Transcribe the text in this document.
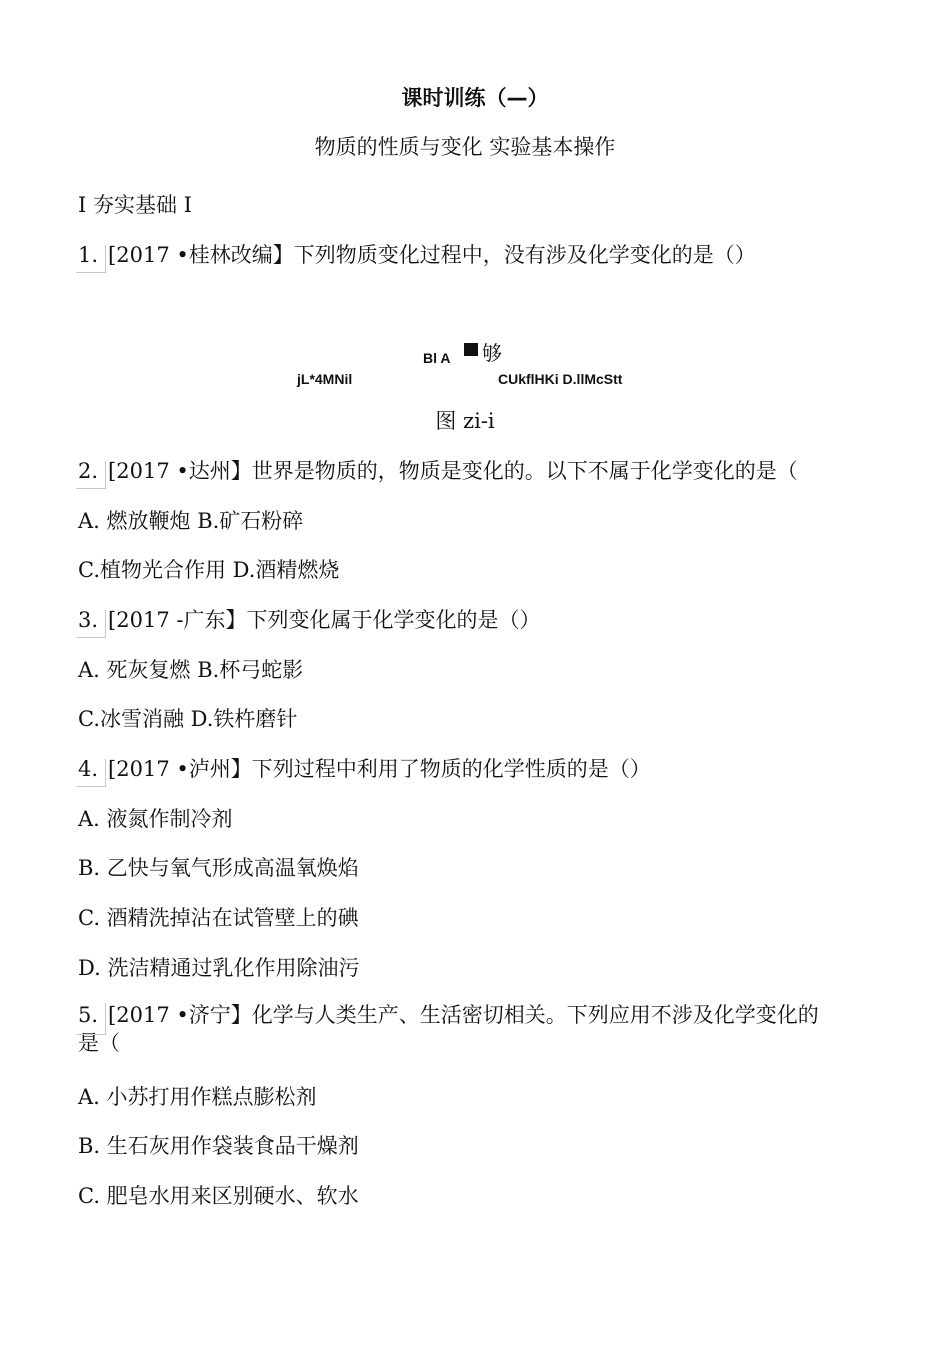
课时训练（—）
物质的性质与变化 实验基本操作
I 夯实基础 I
1. [2017 •桂林改编】下列物质变化过程中，没有涉及化学变化的是（）
Bl A 够
jL*4MNil	CUkflHKi D.llMcStt
图 zi-i
2. [2017 •达州】世界是物质的，物质是变化的。以下不属于化学变化的是（
A. 燃放鞭炮 B.矿石粉碎
C.植物光合作用 D.酒精燃烧
3. [2017 -广东】下列变化属于化学变化的是（）
A. 死灰复燃 B.杯弓蛇影
C.冰雪消融 D.铁杵磨针
4. [2017 •泸州】下列过程中利用了物质的化学性质的是（）
A. 液氮作制冷剂
B. 乙快与氧气形成高温氧焕焰
C. 酒精洗掉沾在试管壁上的碘
D. 洗洁精通过乳化作用除油污
5. [2017 •济宁】化学与人类生产、生活密切相关。下列应用不涉及化学变化的是（
A. 小苏打用作糕点膨松剂
B. 生石灰用作袋装食品干燥剂
C. 肥皂水用来区别硬水、软水
